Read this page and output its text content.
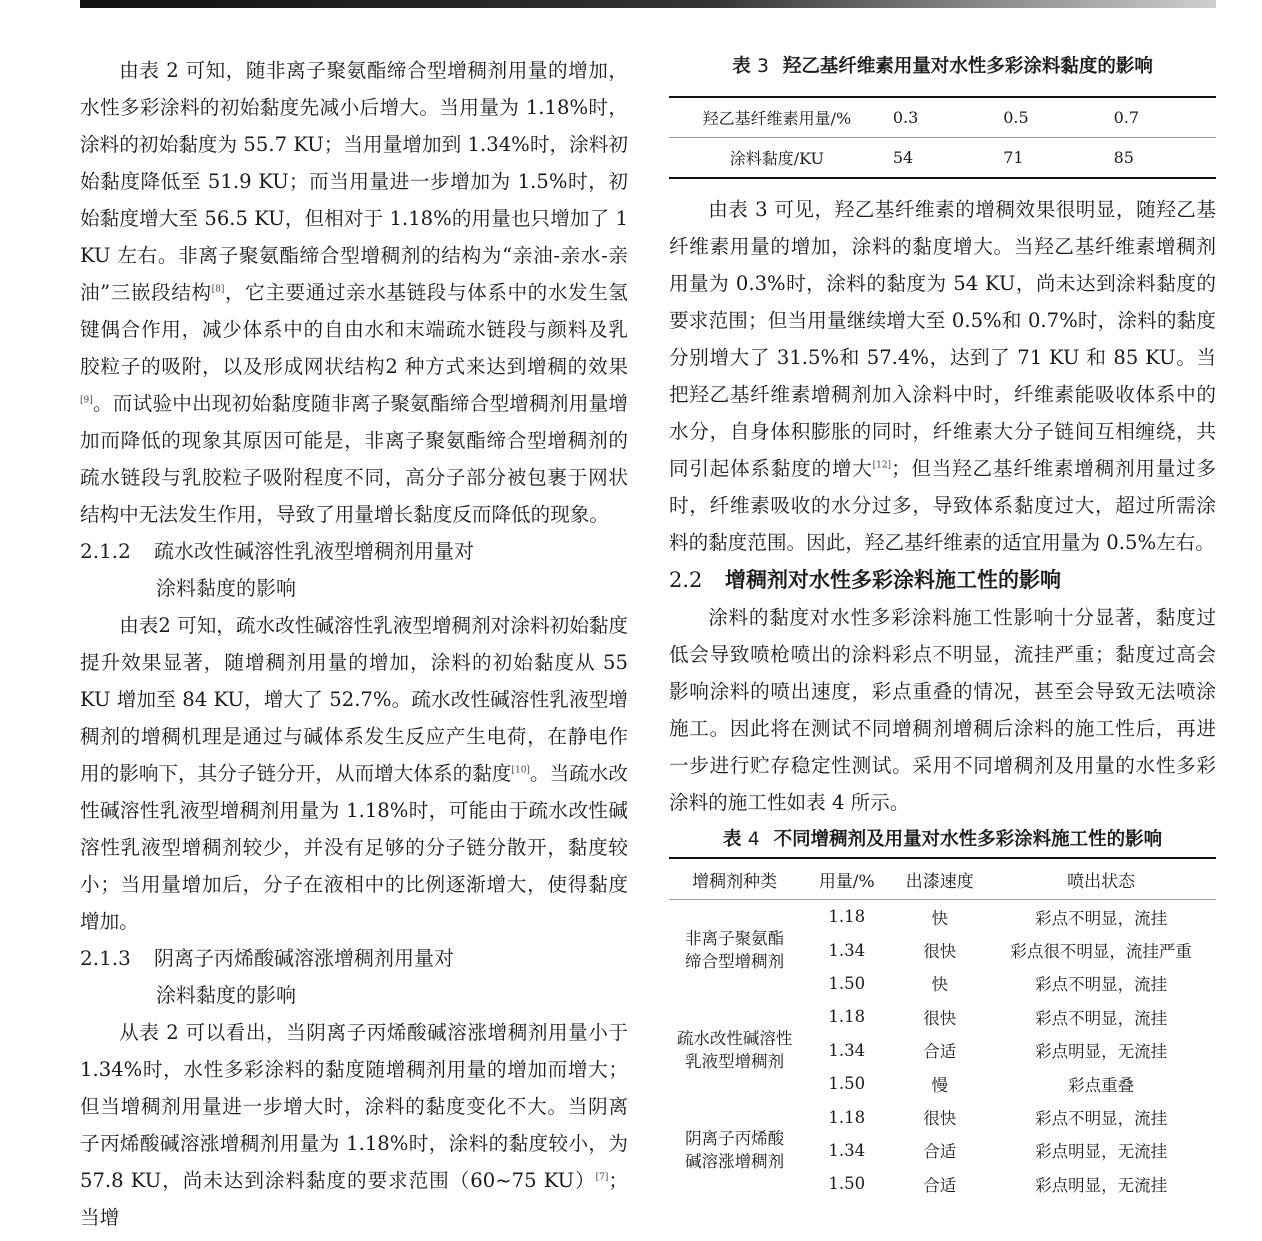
由表 2 可知，随非离子聚氨酯缔合型增稠剂用量的增加，水性多彩涂料的初始黏度先减小后增大。当用量为 1.18%时，涂料的初始黏度为 55.7 KU；当用量增加到 1.34%时，涂料初始黏度降低至 51.9 KU；而当用量进一步增加为 1.5%时，初始黏度增大至 56.5 KU，但相对于 1.18%的用量也只增加了 1 KU 左右。非离子聚氨酯缔合型增稠剂的结构为“亲油-亲水-亲油”三嵌段结构[8]，它主要通过亲水基链段与体系中的水发生氢键偶合作用，减少体系中的自由水和末端疏水链段与颜料及乳胶粒子的吸附，以及形成网状结构2 种方式来达到增稠的效果[9]。而试验中出现初始黏度随非离子聚氨酯缔合型增稠剂用量增加而降低的现象其原因可能是，非离子聚氨酯缔合型增稠剂的疏水链段与乳胶粒子吸附程度不同，高分子部分被包裹于网状结构中无法发生作用，导致了用量增长黏度反而降低的现象。

2.1.2 疏水改性碱溶性乳液型增稠剂用量对
涂料黏度的影响

由表2 可知，疏水改性碱溶性乳液型增稠剂对涂料初始黏度提升效果显著，随增稠剂用量的增加，涂料的初始黏度从 55 KU 增加至 84 KU，增大了 52.7%。疏水改性碱溶性乳液型增稠剂的增稠机理是通过与碱体系发生反应产生电荷，在静电作用的影响下，其分子链分开，从而增大体系的黏度[10]。当疏水改性碱溶性乳液型增稠剂用量为 1.18%时，可能由于疏水改性碱溶性乳液型增稠剂较少，并没有足够的分子链分散开，黏度较小；当用量增加后，分子在液相中的比例逐渐增大，使得黏度增加。

2.1.3 阴离子丙烯酸碱溶涨增稠剂用量对
涂料黏度的影响

从表 2 可以看出，当阴离子丙烯酸碱溶涨增稠剂用量小于 1.34%时，水性多彩涂料的黏度随增稠剂用量的增加而增大；但当增稠剂用量进一步增大时，涂料的黏度变化不大。当阴离子丙烯酸碱溶涨增稠剂用量为 1.18%时，涂料的黏度较小，为 57.8 KU，尚未达到涂料黏度的要求范围（60~75 KU）[7]；当增

表 3 羟乙基纤维素用量对水性多彩涂料黏度的影响

羟乙基纤维素用量/%	0.3	0.5	0.7
涂料黏度/KU	54	71	85

由表 3 可见，羟乙基纤维素的增稠效果很明显，随羟乙基纤维素用量的增加，涂料的黏度增大。当羟乙基纤维素增稠剂用量为 0.3%时，涂料的黏度为 54 KU，尚未达到涂料黏度的要求范围；但当用量继续增大至 0.5%和 0.7%时，涂料的黏度分别增大了 31.5%和 57.4%，达到了 71 KU 和 85 KU。当把羟乙基纤维素增稠剂加入涂料中时，纤维素能吸收体系中的水分，自身体积膨胀的同时，纤维素大分子链间互相缠绕，共同引起体系黏度的增大[12]；但当羟乙基纤维素增稠剂用量过多时，纤维素吸收的水分过多，导致体系黏度过大，超过所需涂料的黏度范围。因此，羟乙基纤维素的适宜用量为 0.5%左右。

2.2 增稠剂对水性多彩涂料施工性的影响

涂料的黏度对水性多彩涂料施工性影响十分显著，黏度过低会导致喷枪喷出的涂料彩点不明显，流挂严重；黏度过高会影响涂料的喷出速度，彩点重叠的情况，甚至会导致无法喷涂施工。因此将在测试不同增稠剂增稠后涂料的施工性后，再进一步进行贮存稳定性测试。采用不同增稠剂及用量的水性多彩涂料的施工性如表 4 所示。

表 4 不同增稠剂及用量对水性多彩涂料施工性的影响

增稠剂种类	用量/%	出漆速度	喷出状态

非离子聚氨酯
缔合型增稠剂	1.18	快	彩点不明显，流挂
	1.34	很快	彩点很不明显，流挂严重
	1.50	快	彩点不明显，流挂

疏水改性碱溶性
乳液型增稠剂	1.18	很快	彩点不明显，流挂
	1.34	合适	彩点明显，无流挂
	1.50	慢	彩点重叠

阴离子丙烯酸
碱溶涨增稠剂	1.18	很快	彩点不明显，流挂
	1.34	合适	彩点明显，无流挂
	1.50	合适	彩点明显，无流挂
